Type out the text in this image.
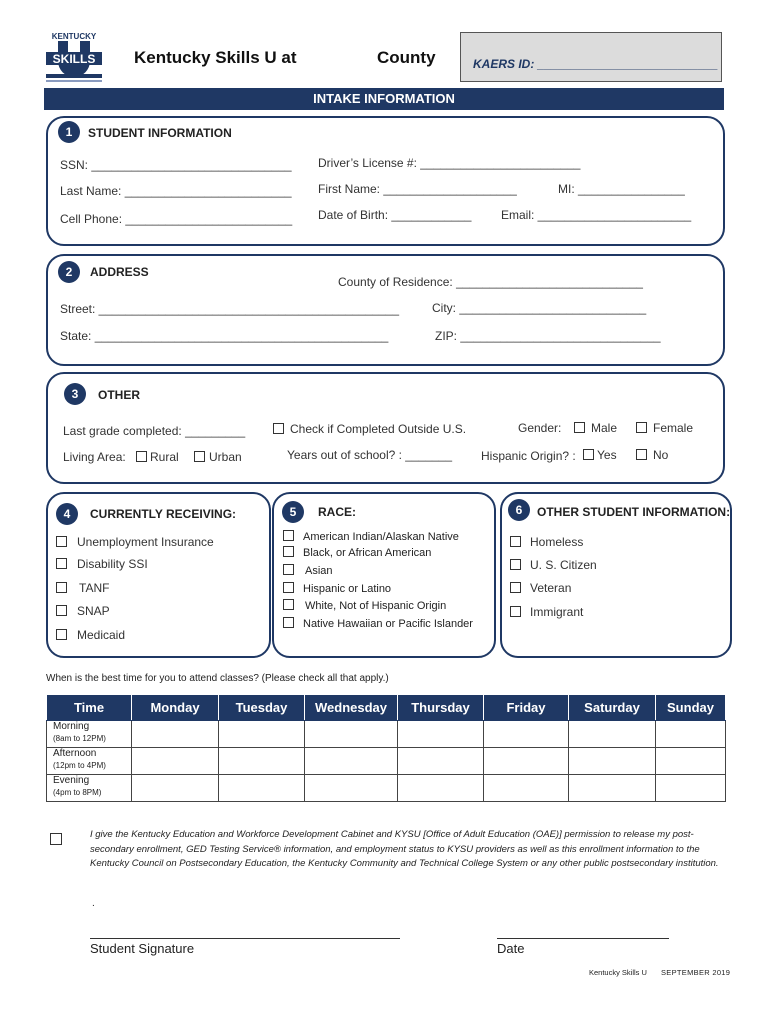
KENTUCKY
SKILLS Kentucky Skills U at	County	KAERS ID: ___________________________
INTAKE INFORMATION
1	STUDENT INFORMATION
SSN: ______________________________ Driver’s License #: ________________________
Last Name: _________________________ First Name: ____________________	MI: ________________
Cell Phone: _________________________ Date of Birth: ____________ Email: _______________________
2	ADDRESS
County of Residence: ____________________________
Street: _____________________________________________	City: ____________________________
State: ____________________________________________	ZIP: ______________________________
3	OTHER
Last grade completed: _________	Check if Completed Outside U.S.	Gender:	Male	Female
Living Area:	Rural	Urban	Years out of school? : _______ Hispanic Origin? :	Yes	No
4	CURRENTLY RECEIVING:
Unemployment Insurance
Disability SSI
TANF
SNAP
Medicaid
5	RACE:
American Indian/Alaskan Native
Black, or African American
Asian
Hispanic or Latino
White, Not of Hispanic Origin
Native Hawaiian or Pacific Islander
6	OTHER STUDENT INFORMATION:
Homeless
U. S. Citizen
Veteran
Immigrant
When is the best time for you to attend classes? (Please check all that apply.)
Time	Monday	Tuesday	Wednesday	Thursday	Friday	Saturday	Sunday

Morning
(8am to 12PM)							

Afternoon
(12pm to 4PM)							

Evening
(4pm to 8PM)							
I give the Kentucky Education and Workforce Development Cabinet and KYSU [Office of Adult Education (OAE)] permission to release my post-secondary enrollment, GED Testing Service® information, and employment status to KYSU providers as well as this enrollment information to the Kentucky Council on Postsecondary Education, the Kentucky Community and Technical College System or any other public postsecondary institution.
.
Student Signature	Date
Kentucky Skills U SEPTEMBER 2019
